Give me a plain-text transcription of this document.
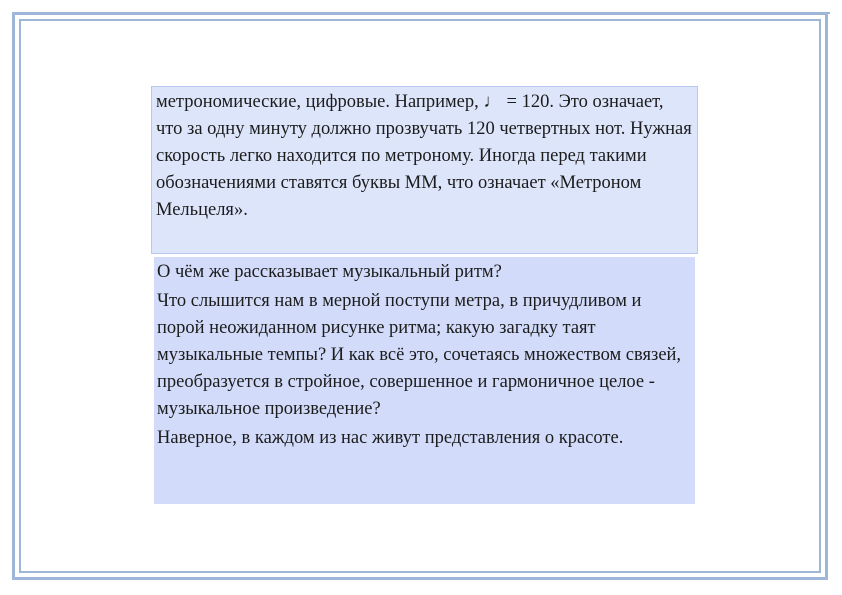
метрономические, цифровые. Например, ♩ = 120. Это означает, что за одну минуту должно прозвучать 120 четвертных нот. Нужная скорость легко находится по метроному. Иногда перед такими обозначениями ставятся буквы ММ, что означает «Метроном Мельцеля».

О чём же рассказывает музыкальный ритм?

Что слышится нам в мерной поступи метра, в причудливом и порой неожиданном рисунке ритма; какую загадку таят музыкальные темпы? И как всё это, сочетаясь множеством связей, преобразуется в стройное, совершенное и гармоничное целое - музыкальное произведение?

Наверное, в каждом из нас живут представления о красоте.
